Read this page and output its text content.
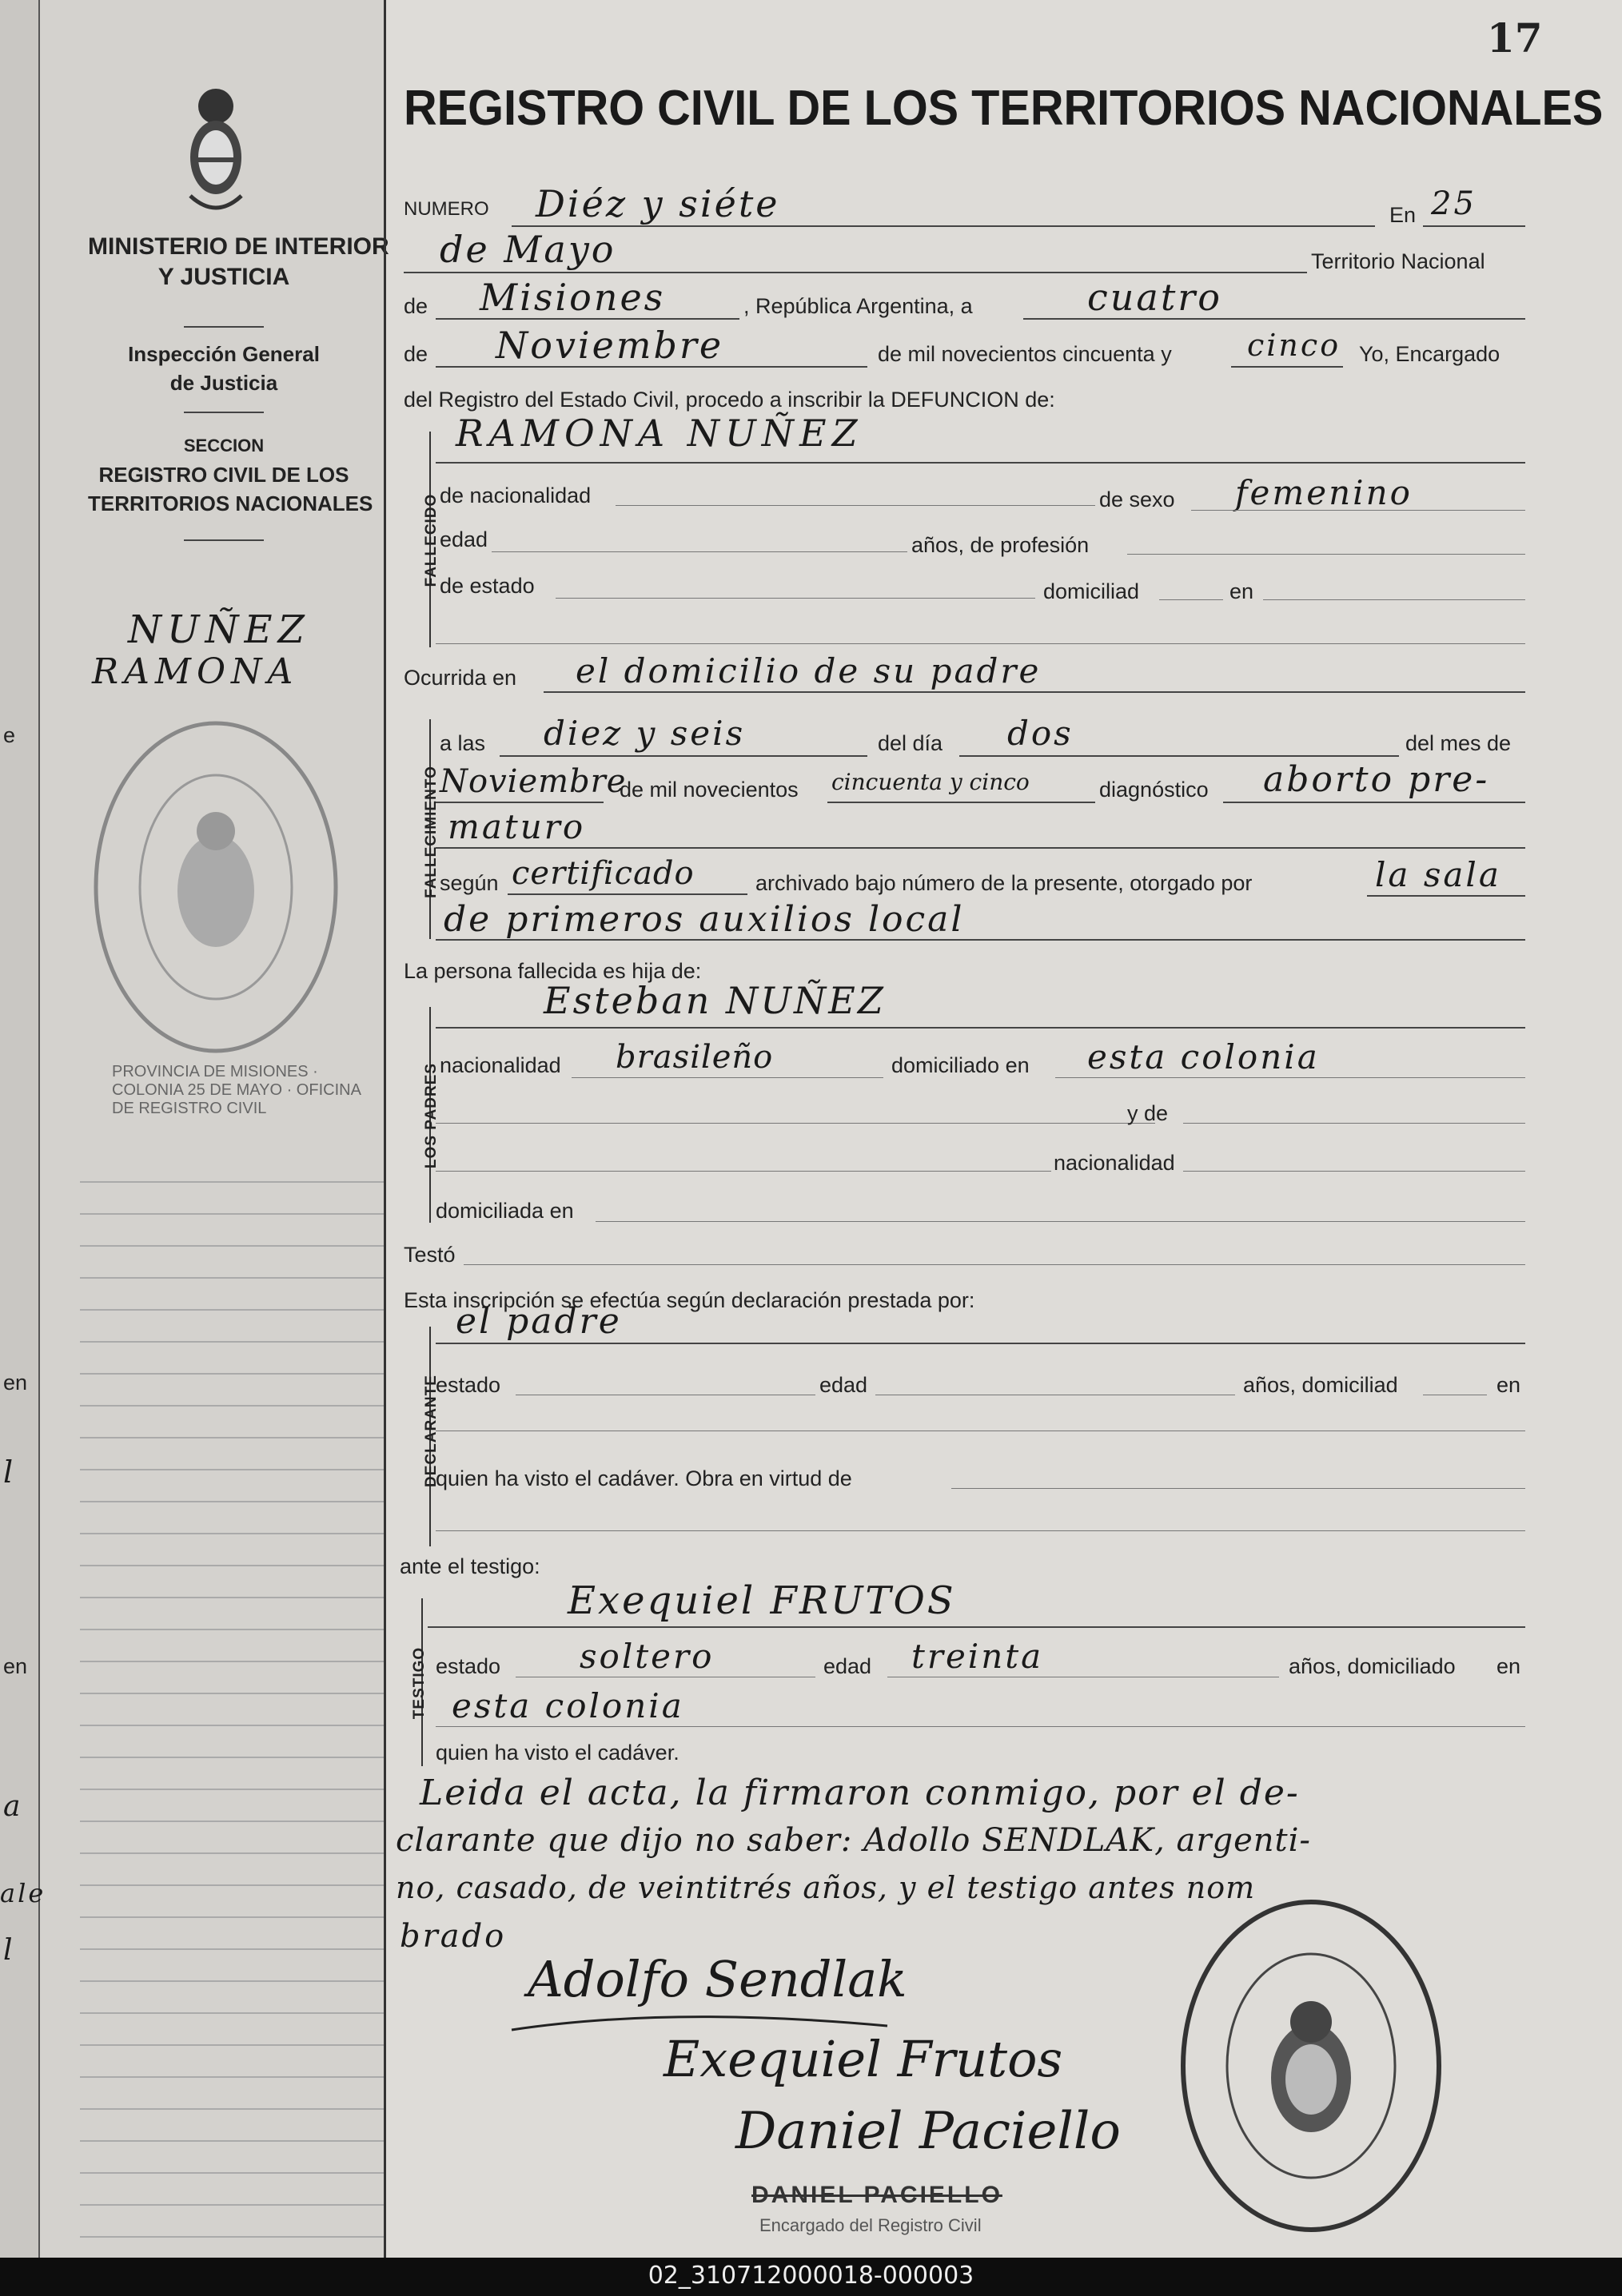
e
en
l
en
a
ale
l
MINISTERIO DE INTERIOR
Y JUSTICIA
Inspección General
de Justicia
SECCION
REGISTRO CIVIL DE LOS
TERRITORIOS NACIONALES
NUÑEZ
RAMONA
PROVINCIA DE MISIONES · COLONIA 25 DE MAYO · OFICINA DE REGISTRO CIVIL
17
REGISTRO CIVIL DE LOS TERRITORIOS NACIONALES
NUMERO Diéz y siéte	En 25
de Mayo	Territorio Nacional
de Misiones	, República Argentina, a	cuatro
de Noviembre	de mil novecientos cincuenta y cinco Yo, Encargado
del Registro del Estado Civil, procedo a inscribir la DEFUNCION de:
FALLECIDO
RAMONA NUÑEZ
de nacionalidad	de sexo femenino
edad	años, de profesión
de estado	domiciliad	en
Ocurrida en el domicilio de su padre
FALLECIMIENTO
a las diez y seis	del día dos	del mes de
Noviembre
de mil novecientos cincuenta y cinco	diagnóstico aborto pre-
maturo
según certificado	archivado bajo número de la presente, otorgado por	la sala
de primeros auxilios local
La persona fallecida es hija de:
LOS PADRES
Esteban NUÑEZ
nacionalidad brasileño	domiciliado en esta colonia
y de
nacionalidad
domiciliada en
Testó
Esta inscripción se efectúa según declaración prestada por:
DECLARANTE
el padre
estado	edad	años, domiciliad	en
quien ha visto el cadáver. Obra en virtud de
ante el testigo:
TESTIGO
Exequiel FRUTOS
estado soltero	edad treinta	años, domiciliado en
esta colonia
quien ha visto el cadáver.
Leida el acta, la firmaron conmigo, por el de-
clarante que dijo no saber: Adollo SENDLAK, argenti-
no, casado, de veintitrés años, y el testigo antes nom
brado
Adolfo Sendlak
Exequiel Frutos
Daniel Paciello
DANIEL PACIELLO
Encargado del Registro Civil
02_310712000018-000003
